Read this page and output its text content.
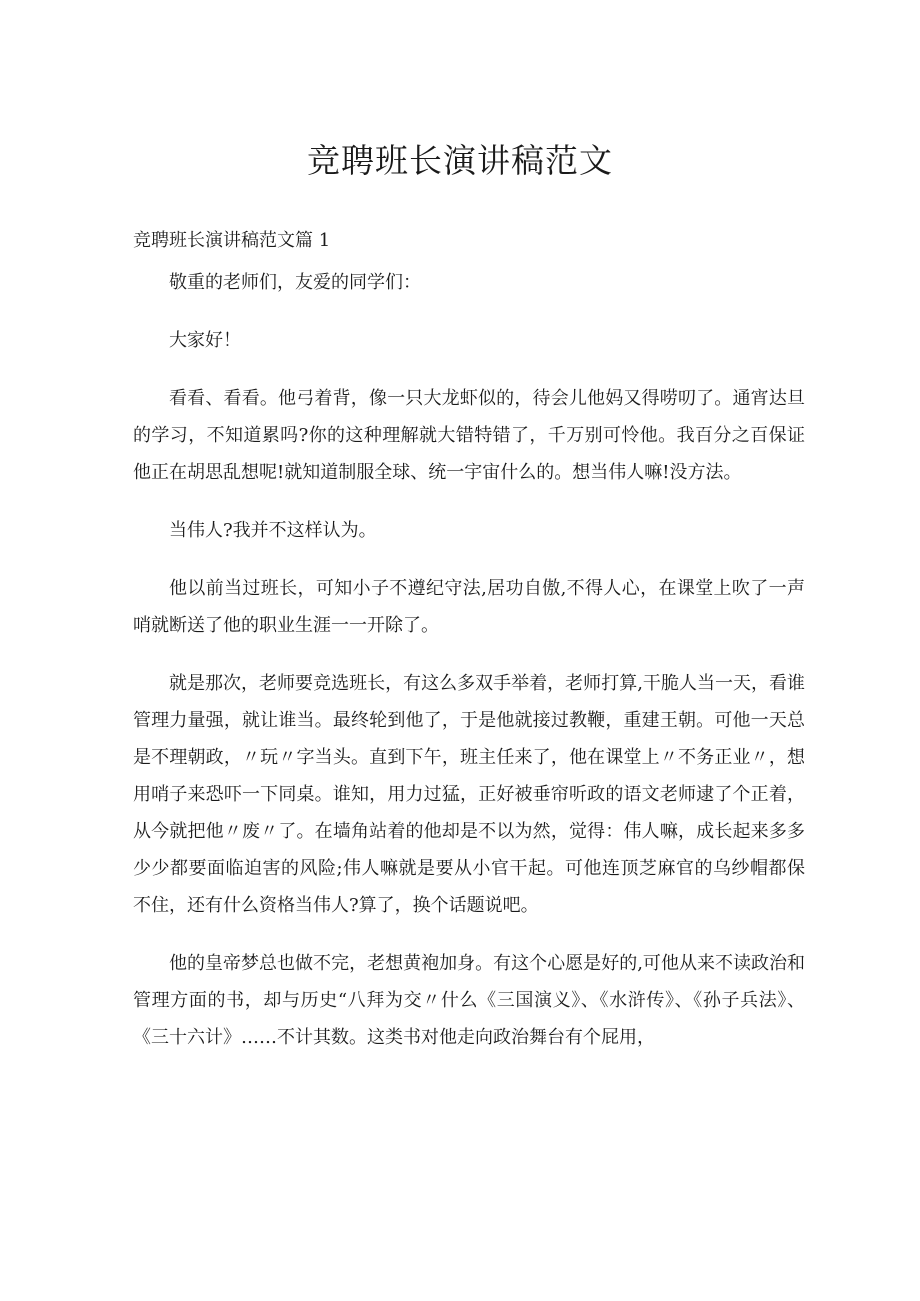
竞聘班长演讲稿范文
竞聘班长演讲稿范文篇 1

敬重的老师们，友爱的同学们：

大家好！

看看、看看。他弓着背，像一只大龙虾似的，待会儿他妈又得唠叨了。通宵达旦的学习，不知道累吗?你的这种理解就大错特错了，千万别可怜他。我百分之百保证他正在胡思乱想呢!就知道制服全球、统一宇宙什么的。想当伟人嘛!没方法。

当伟人?我并不这样认为。

他以前当过班长，可知小子不遵纪守法,居功自傲,不得人心，在课堂上吹了一声哨就断送了他的职业生涯一一开除了。

就是那次，老师要竞选班长，有这么多双手举着，老师打算,干脆人当一天，看谁管理力量强，就让谁当。最终轮到他了，于是他就接过教鞭，重建王朝。可他一天总是不理朝政，〃玩〃字当头。直到下午，班主任来了，他在课堂上〃不务正业〃，想用哨子来恐吓一下同桌。谁知，用力过猛，正好被垂帘听政的语文老师逮了个正着，从今就把他〃废〃了。在墙角站着的他却是不以为然，觉得：伟人嘛，成长起来多多少少都要面临迫害的风险;伟人嘛就是要从小官干起。可他连顶芝麻官的乌纱帽都保不住，还有什么资格当伟人?算了，换个话题说吧。

他的皇帝梦总也做不完，老想黄袍加身。有这个心愿是好的,可他从来不读政治和管理方面的书，却与历史“八拜为交〃什么《三国演义》、《水浒传》、《孙子兵法》、《三十六计》……不计其数。这类书对他走向政治舞台有个屁用，
